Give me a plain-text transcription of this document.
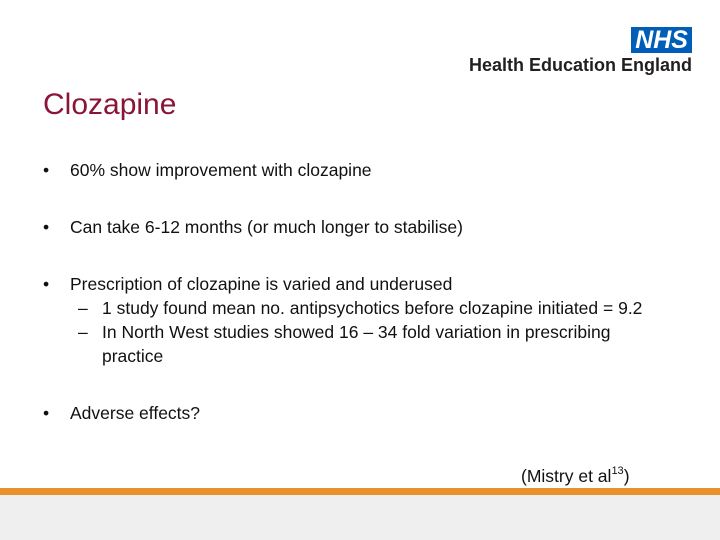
NHS
Health Education England
Clozapine

• 60% show improvement with clozapine

• Can take 6-12 months (or much longer to stabilise)

• Prescription of clozapine is varied and underused

– 1 study found mean no. antipsychotics before clozapine initiated = 9.2

– In North West studies showed 16 – 34 fold variation in prescribing practice

• Adverse effects?

(Mistry et $al^{13}$)
